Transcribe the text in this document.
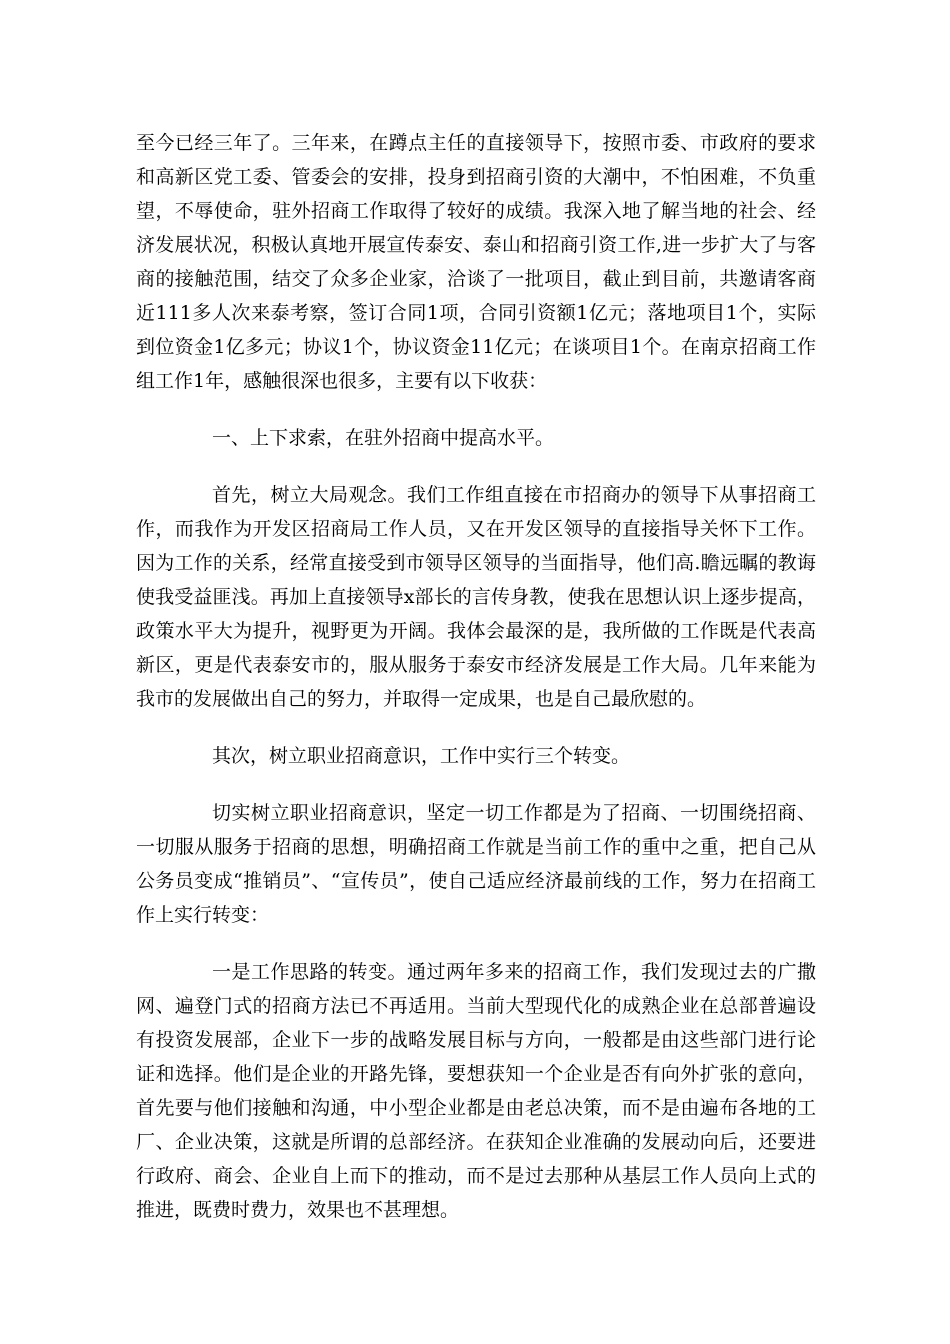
至今已经三年了。三年来，在蹲点主任的直接领导下，按照市委、市政府的要求和高新区党工委、管委会的安排，投身到招商引资的大潮中，不怕困难，不负重望，不辱使命，驻外招商工作取得了较好的成绩。我深入地了解当地的社会、经济发展状况，积极认真地开展宣传泰安、泰山和招商引资工作,进一步扩大了与客商的接触范围，结交了众多企业家，洽谈了一批项目，截止到目前，共邀请客商近111多人次来泰考察，签订合同1项，合同引资额1亿元；落地项目1个，实际到位资金1亿多元；协议1个，协议资金11亿元；在谈项目1个。在南京招商工作组工作1年，感触很深也很多，主要有以下收获：

一、上下求索，在驻外招商中提高水平。

首先，树立大局观念。我们工作组直接在市招商办的领导下从事招商工作，而我作为开发区招商局工作人员，又在开发区领导的直接指导关怀下工作。因为工作的关系，经常直接受到市领导区领导的当面指导，他们高.瞻远瞩的教诲使我受益匪浅。再加上直接领导x部长的言传身教，使我在思想认识上逐步提高，政策水平大为提升，视野更为开阔。我体会最深的是，我所做的工作既是代表高新区，更是代表泰安市的，服从服务于泰安市经济发展是工作大局。几年来能为我市的发展做出自己的努力，并取得一定成果，也是自己最欣慰的。

其次，树立职业招商意识，工作中实行三个转变。

切实树立职业招商意识，坚定一切工作都是为了招商、一切围绕招商、一切服从服务于招商的思想，明确招商工作就是当前工作的重中之重，把自己从公务员变成“推销员”、“宣传员”，使自己适应经济最前线的工作，努力在招商工作上实行转变：

一是工作思路的转变。通过两年多来的招商工作，我们发现过去的广撒网、遍登门式的招商方法已不再适用。当前大型现代化的成熟企业在总部普遍设有投资发展部，企业下一步的战略发展目标与方向，一般都是由这些部门进行论证和选择。他们是企业的开路先锋，要想获知一个企业是否有向外扩张的意向，首先要与他们接触和沟通，中小型企业都是由老总决策，而不是由遍布各地的工厂、企业决策，这就是所谓的总部经济。在获知企业准确的发展动向后，还要进行政府、商会、企业自上而下的推动，而不是过去那种从基层工作人员向上式的推进，既费时费力，效果也不甚理想。
